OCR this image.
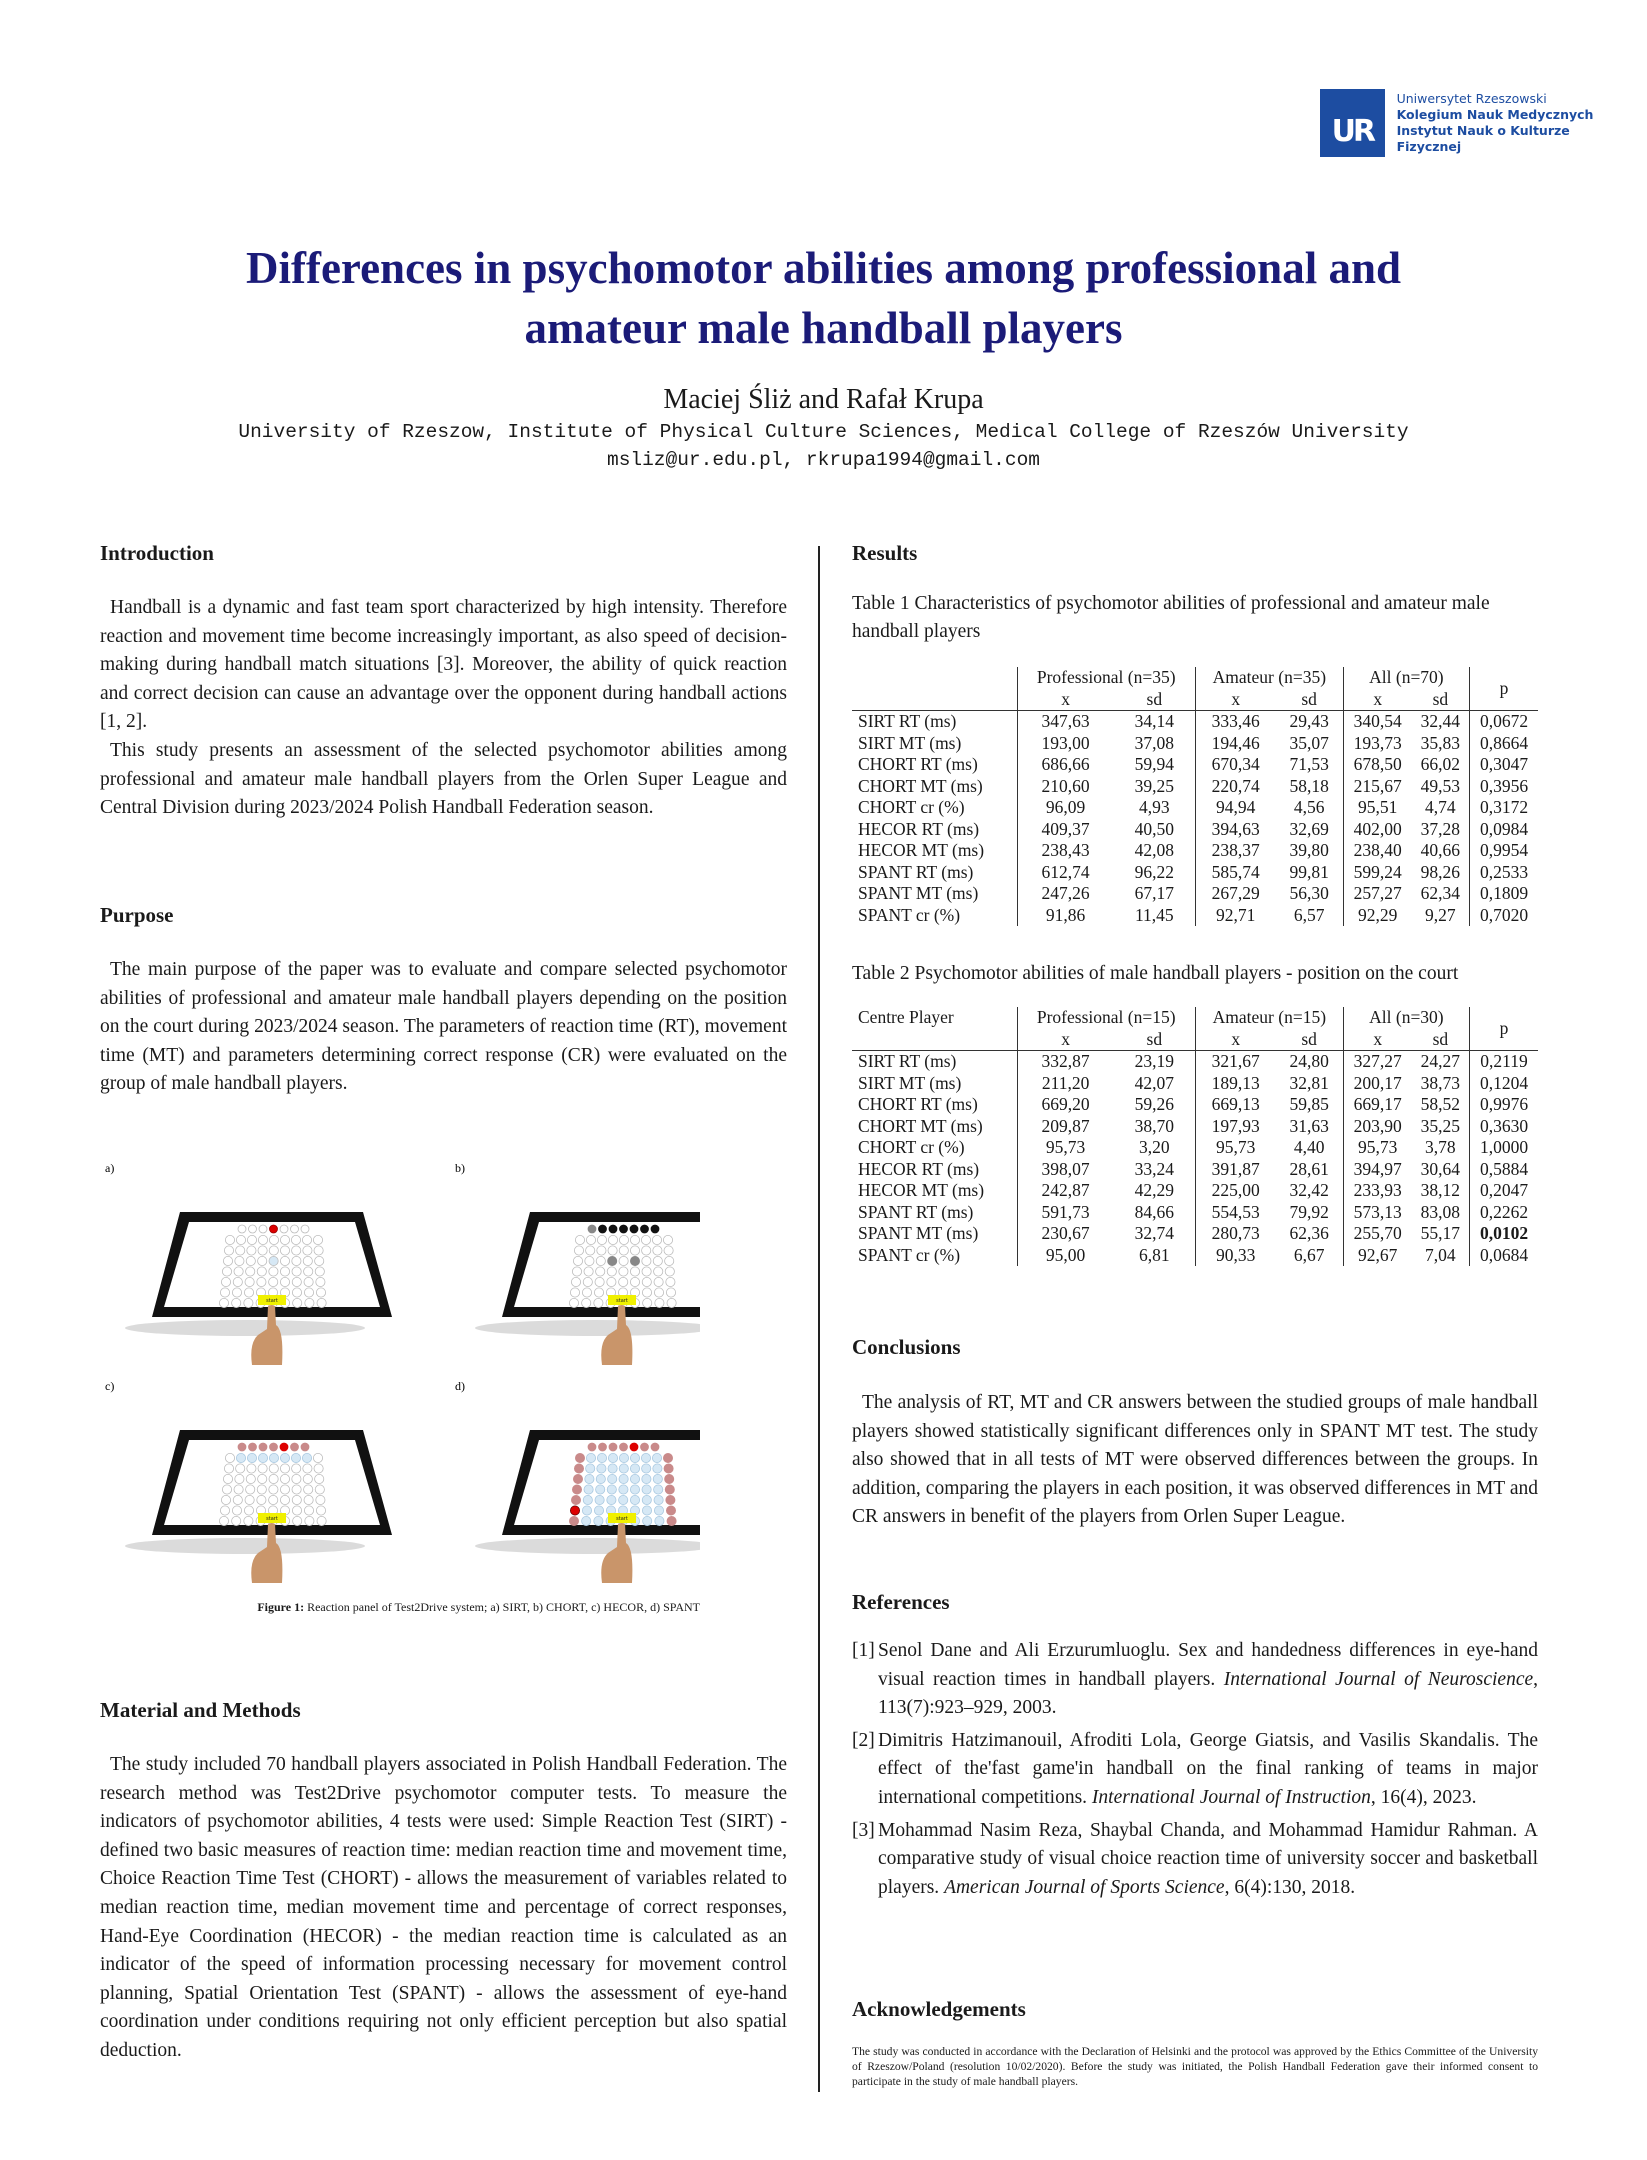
UR
Uniwersytet Rzeszowski
Kolegium Nauk Medycznych
Instytut Nauk o Kulturze Fizycznej
Differences in psychomotor abilities among professional and
amateur male handball players
Maciej Śliż and Rafał Krupa
University of Rzeszow, Institute of Physical Culture Sciences, Medical College of Rzeszów University
msliz@ur.edu.pl, rkrupa1994@gmail.com
Introduction

Handball is a dynamic and fast team sport characterized by high intensity. Therefore reaction and movement time become increasingly important, as also speed of decision-making during handball match situations [3]. Moreover, the ability of quick reaction and correct decision can cause an advantage over the opponent during handball actions [1, 2].

This study presents an assessment of the selected psychomotor abilities among professional and amateur male handball players from the Orlen Super League and Central Division during 2023/2024 Polish Handball Federation season.

Purpose

The main purpose of the paper was to evaluate and compare selected psychomotor abilities of professional and amateur male handball players depending on the position on the court during 2023/2024 season. The parameters of reaction time (RT), movement time (MT) and parameters determining correct response (CR) were evaluated on the group of male handball players.

a)
start
b)
start
c)
start
d)
start
Figure 1: Reaction panel of Test2Drive system; a) SIRT, b) CHORT, c) HECOR, d) SPANT
Material and Methods

The study included 70 handball players associated in Polish Handball Federation. The research method was Test2Drive psychomotor computer tests. To measure the indicators of psychomotor abilities, 4 tests were used: Simple Reaction Test (SIRT) - defined two basic measures of reaction time: median reaction time and movement time, Choice Reaction Time Test (CHORT) - allows the measurement of variables related to median reaction time, median movement time and percentage of correct responses, Hand-Eye Coordination (HECOR) - the median reaction time is calculated as an indicator of the speed of information processing necessary for movement control planning, Spatial Orientation Test (SPANT) - allows the assessment of eye-hand coordination under conditions requiring not only efficient perception but also spatial deduction.

Results
Table 1 Characteristics of psychomotor abilities of professional and amateur male handball players
	Professional (n=35)		Amateur (n=35)		All (n=70)		p
	x	sd	x	sd	x	sd	
SIRT RT (ms)	347,63	34,14	333,46	29,43	340,54	32,44	0,0672
SIRT MT (ms)	193,00	37,08	194,46	35,07	193,73	35,83	0,8664
CHORT RT (ms)	686,66	59,94	670,34	71,53	678,50	66,02	0,3047
CHORT MT (ms)	210,60	39,25	220,74	58,18	215,67	49,53	0,3956
CHORT cr (%)	96,09	4,93	94,94	4,56	95,51	4,74	0,3172
HECOR RT (ms)	409,37	40,50	394,63	32,69	402,00	37,28	0,0984
HECOR MT (ms)	238,43	42,08	238,37	39,80	238,40	40,66	0,9954
SPANT RT (ms)	612,74	96,22	585,74	99,81	599,24	98,26	0,2533
SPANT MT (ms)	247,26	67,17	267,29	56,30	257,27	62,34	0,1809
SPANT cr (%)	91,86	11,45	92,71	6,57	92,29	9,27	0,7020
Table 2 Psychomotor abilities of male handball players - position on the court
Centre Player	Professional (n=15)		Amateur (n=15)		All (n=30)		p
	x	sd	x	sd	x	sd	
SIRT RT (ms)	332,87	23,19	321,67	24,80	327,27	24,27	0,2119
SIRT MT (ms)	211,20	42,07	189,13	32,81	200,17	38,73	0,1204
CHORT RT (ms)	669,20	59,26	669,13	59,85	669,17	58,52	0,9976
CHORT MT (ms)	209,87	38,70	197,93	31,63	203,90	35,25	0,3630
CHORT cr (%)	95,73	3,20	95,73	4,40	95,73	3,78	1,0000
HECOR RT (ms)	398,07	33,24	391,87	28,61	394,97	30,64	0,5884
HECOR MT (ms)	242,87	42,29	225,00	32,42	233,93	38,12	0,2047
SPANT RT (ms)	591,73	84,66	554,53	79,92	573,13	83,08	0,2262
SPANT MT (ms)	230,67	32,74	280,73	62,36	255,70	55,17	0,0102
SPANT cr (%)	95,00	6,81	90,33	6,67	92,67	7,04	0,0684
Conclusions

The analysis of RT, MT and CR answers between the studied groups of male handball players showed statistically significant differences only in SPANT MT test. The study also showed that in all tests of MT were observed differences between the groups. In addition, comparing the players in each position, it was observed differences in MT and CR answers in benefit of the players from Orlen Super League.

References
[1] Senol Dane and Ali Erzurumluoglu. Sex and handedness differences in eye-hand visual reaction times in handball players. International Journal of Neuroscience, 113(7):923–929, 2003.
[2] Dimitris Hatzimanouil, Afroditi Lola, George Giatsis, and Vasilis Skandalis. The effect of the'fast game'in handball on the final ranking of teams in major international competitions. International Journal of Instruction, 16(4), 2023.
[3] Mohammad Nasim Reza, Shaybal Chanda, and Mohammad Hamidur Rahman. A comparative study of visual choice reaction time of university soccer and basketball players. American Journal of Sports Science, 6(4):130, 2018.
Acknowledgements
The study was conducted in accordance with the Declaration of Helsinki and the protocol was approved by the Ethics Committee of the University of Rzeszow/Poland (resolution 10/02/2020). Before the study was initiated, the Polish Handball Federation gave their informed consent to participate in the study of male handball players.
